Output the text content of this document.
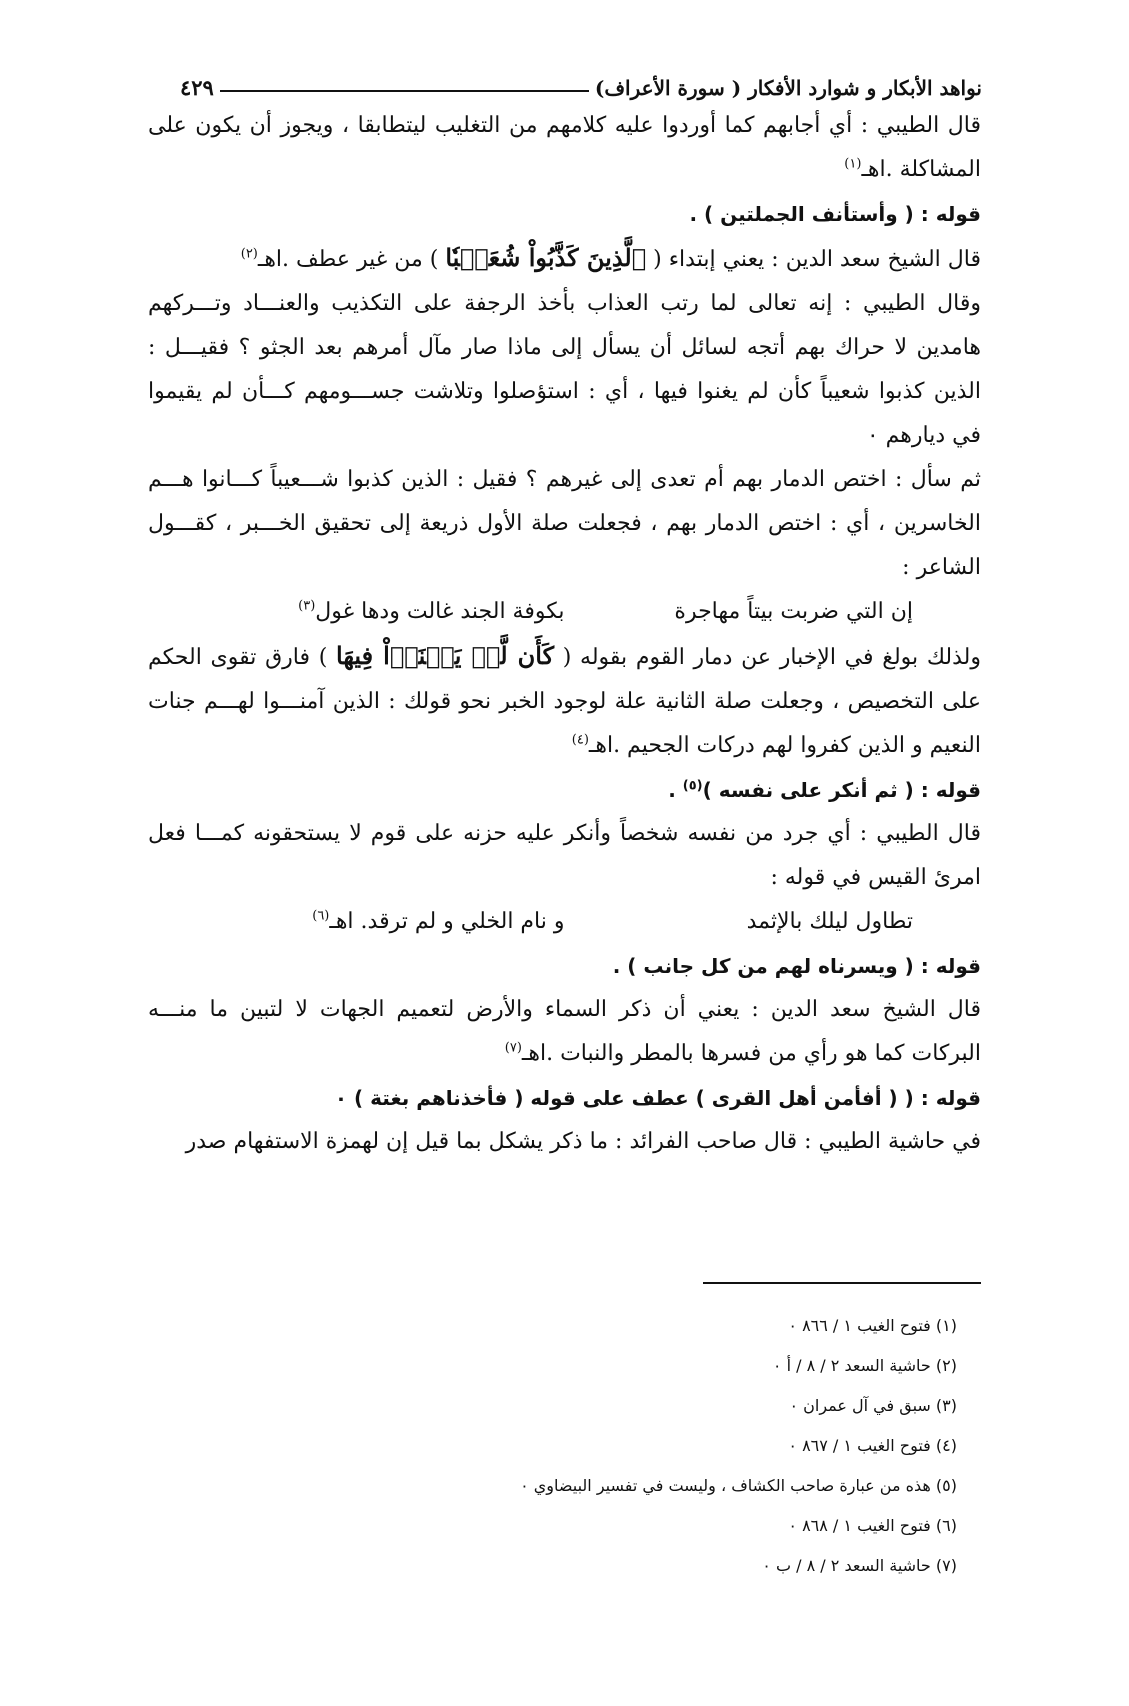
نواهد الأبكار و شوارد الأفكار ( سورة الأعراف)
٤٢٩

قال الطيبي : أي أجابهم كما أوردوا عليه كلامهم من التغليب ليتطابقا ، ويجوز أن يكون على المشاكلة .اهـ$^{(١)}$

قوله : ( وأستأنف الجملتين ) .

قال الشيخ سعد الدين : يعني إبتداء ( ٱلَّذِينَ كَذَّبُواْ شُعَيۡبٗا ) من غير عطف .اهـ$^{(٢)}$

وقال الطيبي : إنه تعالى لما رتب العذاب بأخذ الرجفة على التكذيب والعنـــاد وتـــركهم هامدين لا حراك بهم أتجه لسائل أن يسأل إلى ماذا صار مآل أمرهم بعد الجثو ؟ فقيـــل : الذين كذبوا شعيباً كأن لم يغنوا فيها ، أي : استؤصلوا وتلاشت جســـومهم كـــأن لم يقيموا في ديارهم ٠

ثم سأل : اختص الدمار بهم أم تعدى إلى غيرهم ؟ فقيل : الذين كذبوا شـــعيباً كـــانوا هـــم الخاسرين ، أي : اختص الدمار بهم ، فجعلت صلة الأول ذريعة إلى تحقيق الخـــبر ، كقـــول الشاعر :

إن التي ضربت بيتاً مهاجرة
بكوفة الجند غالت ودها غول$^{(٣)}$

ولذلك بولغ في الإخبار عن دمار القوم بقوله ( كَأَن لَّمۡ يَغۡنَوۡاْ فِيهَا ) فارق تقوى الحكم على التخصيص ، وجعلت صلة الثانية علة لوجود الخبر نحو قولك : الذين آمنـــوا لهـــم جنات النعيم و الذين كفروا لهم دركات الجحيم .اهـ$^{(٤)}$

قوله : ( ثم أنكر على نفسه )$^{(٥)}$ .

قال الطيبي : أي جرد من نفسه شخصاً وأنكر عليه حزنه على قوم لا يستحقونه كمـــا فعل امرئ القيس في قوله :

تطاول ليلك بالإثمد
و نام الخلي و لم ترقد. اهـ$^{(٦)}$

قوله : ( ويسرناه لهم من كل جانب ) .

قال الشيخ سعد الدين : يعني أن ذكر السماء والأرض لتعميم الجهات لا لتبين ما منـــه البركات كما هو رأي من فسرها بالمطر والنبات .اهـ$^{(٧)}$

قوله : ( ( أفأمن أهل القرى ) عطف على قوله ( فأخذناهم بغتة ) ٠

في حاشية الطيبي : قال صاحب الفرائد : ما ذكر يشكل بما قيل إن لهمزة الاستفهام صدر

(١) فتوح الغيب ١ / ٨٦٦ ٠

(٢) حاشية السعد ٢ / ٨ / أ ٠

(٣) سبق في آل عمران ٠

(٤) فتوح الغيب ١ / ٨٦٧ ٠

(٥) هذه من عبارة صاحب الكشاف ، وليست في تفسير البيضاوي ٠

(٦) فتوح الغيب ١ / ٨٦٨ ٠

(٧) حاشية السعد ٢ / ٨ / ب ٠
